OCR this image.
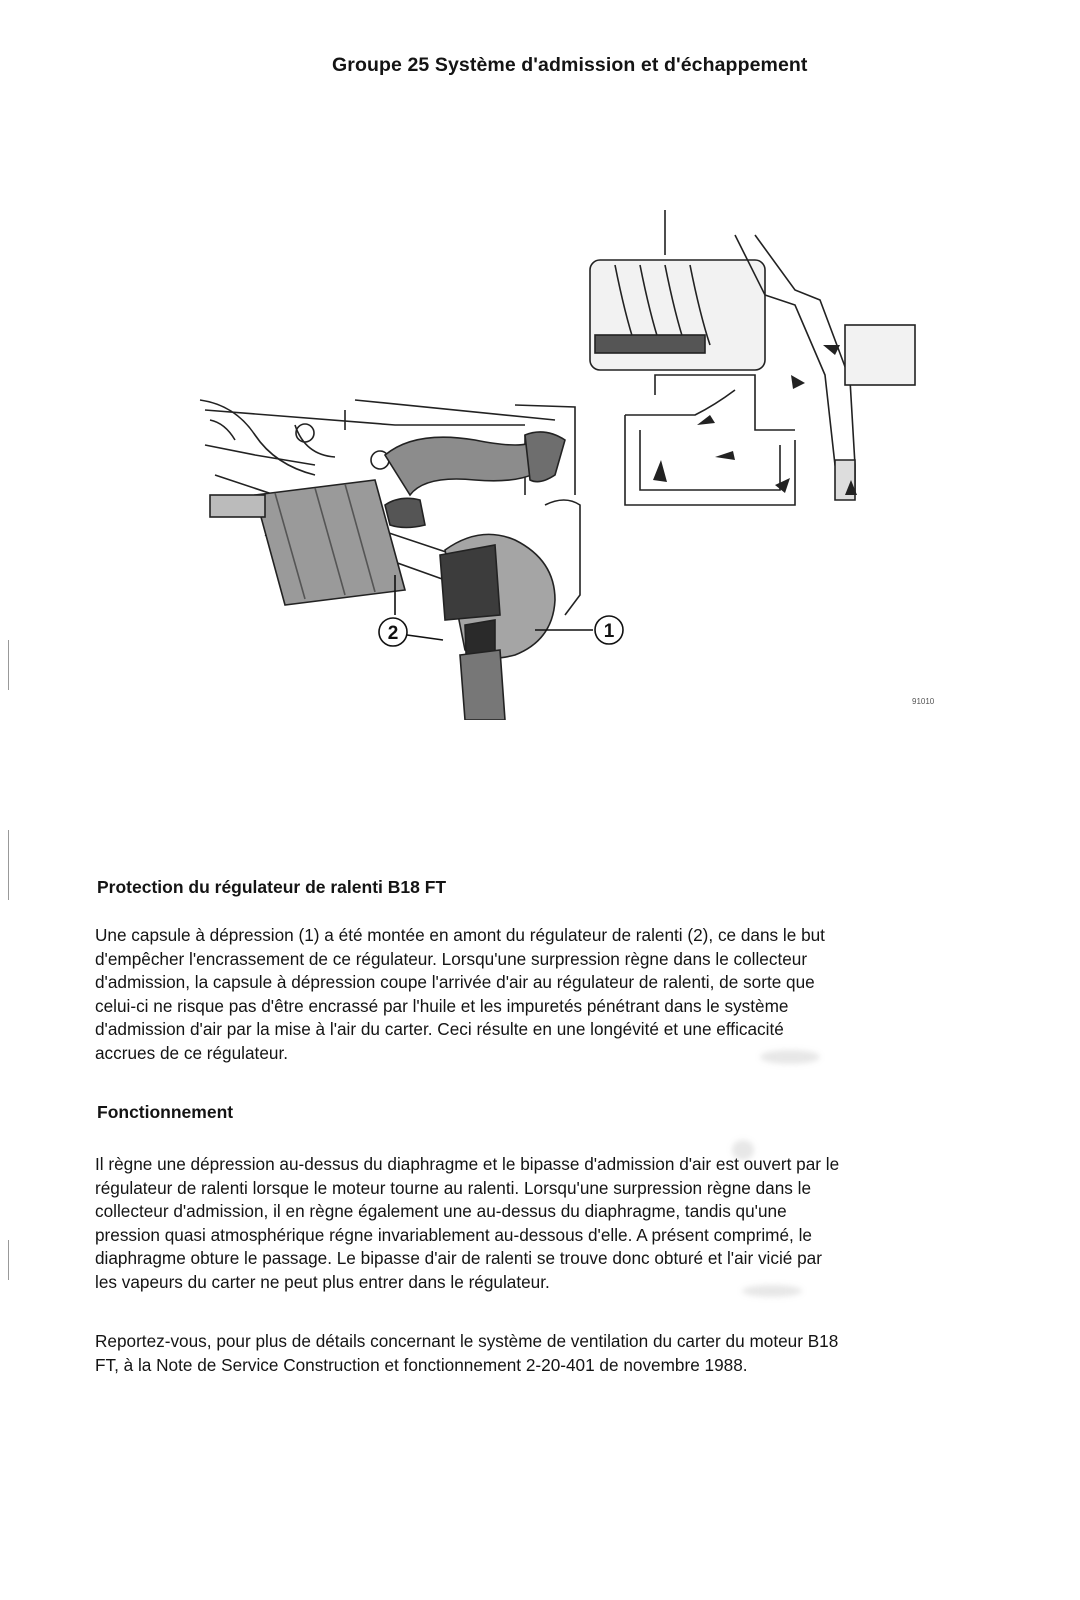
Groupe 25 Système d'admission et d'échappement
1
2
91010
Protection du régulateur de ralenti B18 FT

Une capsule à dépression (1) a été montée en amont du régulateur de ralenti (2), ce dans le but
d'empêcher l'encrassement de ce régulateur. Lorsqu'une surpression règne dans le collecteur
d'admission, la capsule à dépression coupe l'arrivée d'air au régulateur de ralenti, de sorte que
celui-ci ne risque pas d'être encrassé par l'huile et les impuretés pénétrant dans le système
d'admission d'air par la mise à l'air du carter. Ceci résulte en une longévité et une efficacité
accrues de ce régulateur.

Fonctionnement

Il règne une dépression au-dessus du diaphragme et le bipasse d'admission d'air est ouvert par le
régulateur de ralenti lorsque le moteur tourne au ralenti. Lorsqu'une surpression règne dans le
collecteur d'admission, il en règne également une au-dessus du diaphragme, tandis qu'une
pression quasi atmosphérique régne invariablement au-dessous d'elle. A présent comprimé, le
diaphragme obture le passage. Le bipasse d'air de ralenti se trouve donc obturé et l'air vicié par
les vapeurs du carter ne peut plus entrer dans le régulateur.

Reportez-vous, pour plus de détails concernant le système de ventilation du carter du moteur B18
FT, à la Note de Service Construction et fonctionnement 2-20-401 de novembre 1988.
